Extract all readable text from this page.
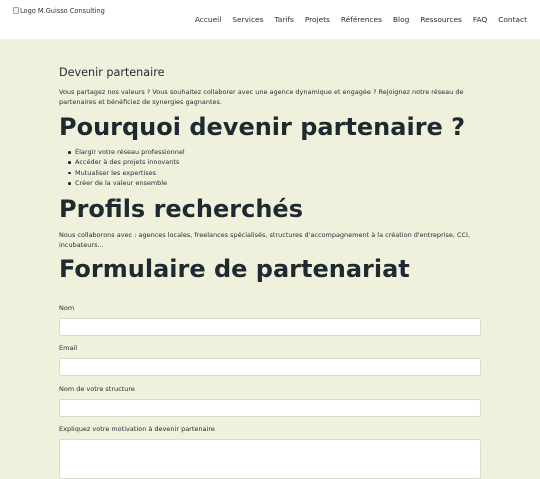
Logo M.Guisso Consulting
Accueil Services Tarifs Projets Références Blog Ressources FAQ Contact
Devenir partenaire

Vous partagez nos valeurs ? Vous souhaitez collaborer avec une agence dynamique et engagée ? Rejoignez notre réseau de partenaires et bénéficiez de synergies gagnantes.

Pourquoi devenir partenaire ?
Élargir votre réseau professionnel
Accéder à des projets innovants
Mutualiser les expertises
Créer de la valeur ensemble
Profils recherchés

Nous collaborons avec : agences locales, freelances spécialisés, structures d'accompagnement à la création d'entreprise, CCI, incubateurs...

Formulaire de partenariat
Nom
Email
Nom de votre structure
Expliquez votre motivation à devenir partenaire
